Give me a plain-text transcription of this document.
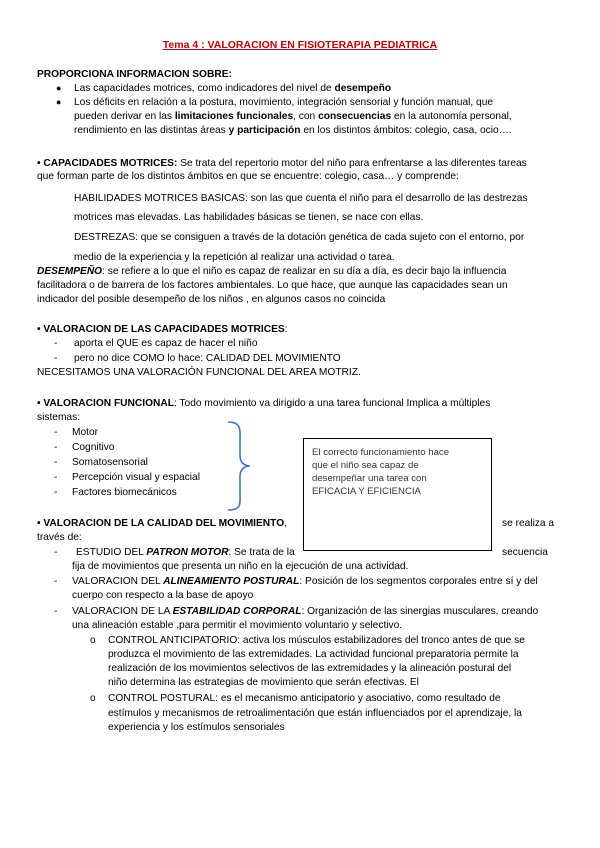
Tema 4 : VALORACION EN FISIOTERAPIA PEDIATRICA
PROPORCIONA INFORMACION SOBRE:
● Las capacidades motrices, como indicadores del nivel de desempeño
● Los déficits en relación a la postura, movimiento, integración sensorial y función manual, que
pueden derivar en las limitaciones funcionales, con consecuencias en la autonomía personal,
rendimiento en las distintas áreas y participación en los distintos ámbitos: colegio, casa, ocio….
• CAPACIDADES MOTRICES: Se trata del repertorio motor del niño para enfrentarse a las diferentes tareas
que forman parte de los distintos ámbitos en que se encuentre: colegio, casa… y comprende:
HABILIDADES MOTRICES BASICAS: son las que cuenta el niño para el desarrollo de las destrezas
motrices mas elevadas. Las habilidades básicas se tienen, se nace con ellas.
DESTREZAS: que se consiguen a través de la dotación genética de cada sujeto con el entorno, por
medio de la experiencia y la repetición al realizar una actividad o tarea.
DESEMPEÑO: se refiere a lo que el niño es capaz de realizar en su día a día, es decir bajo la influencia
facilitadora o de barrera de los factores ambientales. Lo que hace, que aunque las capacidades sean un
indicador del posible desempeño de los niños , en algunos casos no coincida
• VALORACION DE LAS CAPACIDADES MOTRICES:
- aporta el QUE es capaz de hacer el niño
- pero no dice COMO lo hace: CALIDAD DEL MOVIMIENTO
NECESITAMOS UNA VALORACIÓN FUNCIONAL DEL AREA MOTRIZ.
• VALORACION FUNCIONAL: Todo movimiento va dirigido a una tarea funcional Implica a múltiples
sistemas:
- Motor
- Cognitivo
- Somatosensorial
- Percepción visual y espacial
- Factores biomecánicos
El correcto funcionamiento hace
que el niño sea capaz de
desempeñar una tarea con
EFICACIA Y EFICIENCIA
• VALORACION DE LA CALIDAD DEL MOVIMIENTO,	se realiza a
través de:
- ESTUDIO DEL PATRON MOTOR: Se trata de la	secuencia
fija de movimientos que presenta un niño en la ejecución de una actividad.
- VALORACION DEL ALINEAMIENTO POSTURAL: Posición de los segmentos corporales entre sí y del
cuerpo con respecto a la base de apoyo
- VALORACION DE LA ESTABILIDAD CORPORAL: Organización de las sinergias musculares, creando
una alineación estable ,para permitir el movimiento voluntario y selectivo.
o CONTROL ANTICIPATORIO: activa los músculos estabilizadores del tronco antes de que se
produzca el movimiento de las extremidades. La actividad funcional preparatoria permite la
realización de los movimientos selectivos de las extremidades y la alineación postural del
niño determina las estrategias de movimiento que serán efectivas. El
o CONTROL POSTURAL: es el mecanismo anticipatorio y asociativo, como resultado de
estímulos y mecanismos de retroalimentación que están influenciados por el aprendizaje, la
experiencia y los estímulos sensoriales
